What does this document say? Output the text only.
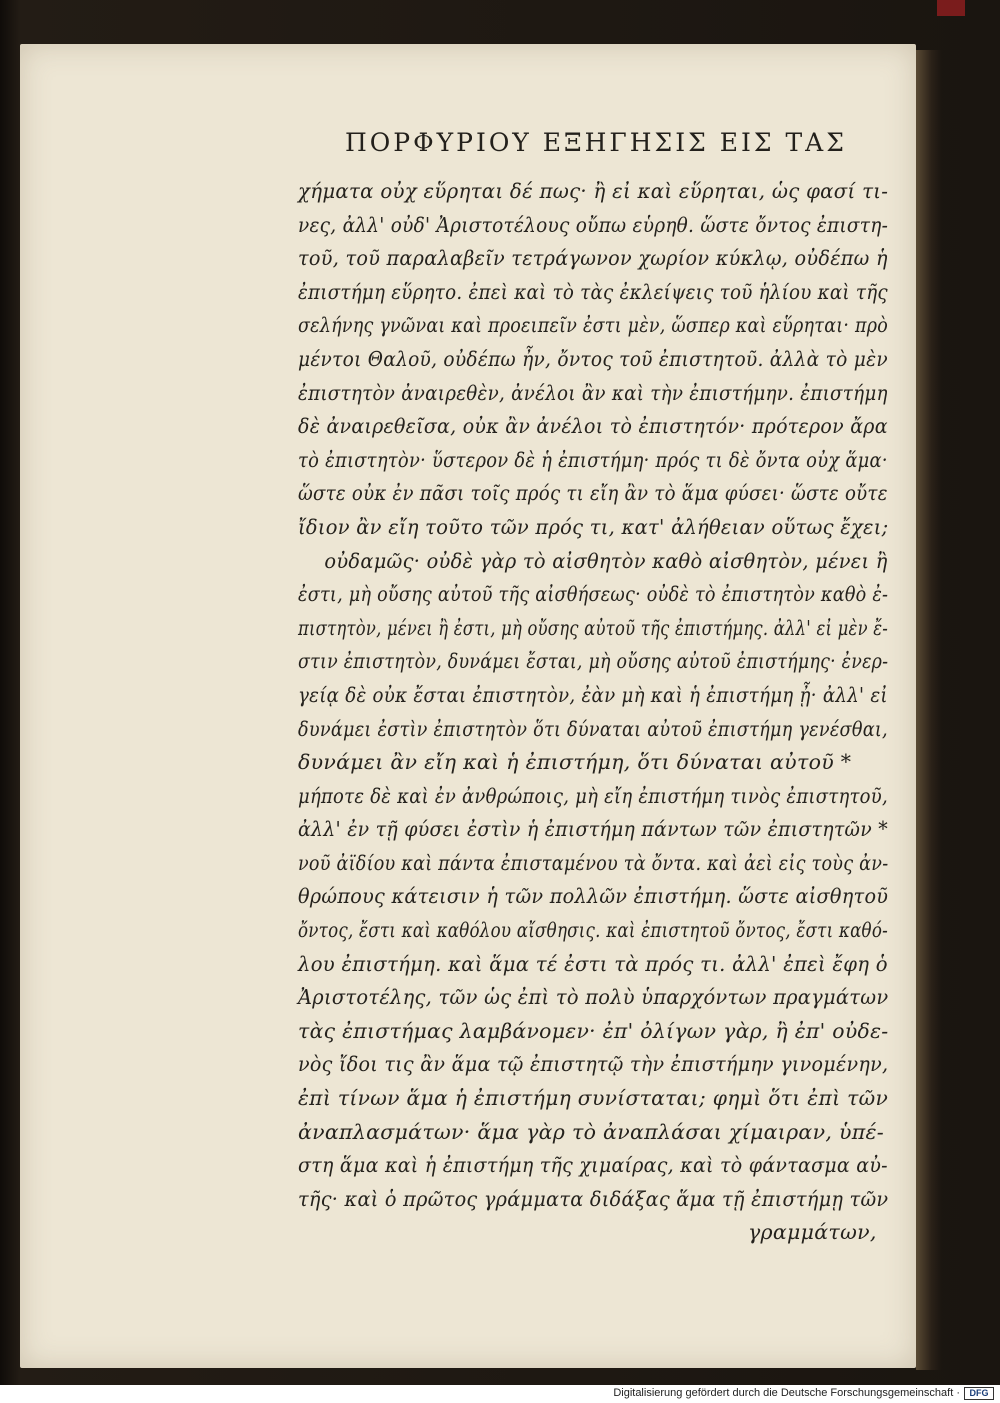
ΠΟΡΦΥΡΙΟΥ ΕΞΗΓΗΣΙΣ ΕΙΣ ΤΑΣ
χήματα οὐχ εὕρηται δέ πως· ἢ εἰ καὶ εὕρηται, ὡς φασί τι-
νες, ἀλλ' οὐδ' Ἀριστοτέλους οὔπω εὑρηθ. ὥστε ὄντος ἐπιστη-
τοῦ, τοῦ παραλαβεῖν τετράγωνον χωρίον κύκλῳ, οὐδέπω ἡ
ἐπιστήμη εὕρητο. ἐπεὶ καὶ τὸ τὰς ἐκλείψεις τοῦ ἡλίου καὶ τῆς
σελήνης γνῶναι καὶ προειπεῖν ἐστι μὲν, ὥσπερ καὶ εὕρηται· πρὸ
μέντοι Θαλοῦ, οὐδέπω ἦν, ὄντος τοῦ ἐπιστητοῦ. ἀλλὰ τὸ μὲν
ἐπιστητὸν ἀναιρεθὲν, ἀνέλοι ἂν καὶ τὴν ἐπιστήμην. ἐπιστήμη
δὲ ἀναιρεθεῖσα, οὐκ ἂν ἀνέλοι τὸ ἐπιστητόν· πρότερον ἄρα
τὸ ἐπιστητὸν· ὕστερον δὲ ἡ ἐπιστήμη· πρός τι δὲ ὄντα οὐχ ἅμα·
ὥστε οὐκ ἐν πᾶσι τοῖς πρός τι εἴη ἂν τὸ ἅμα φύσει· ὥστε οὔτε
ἴδιον ἂν εἴη τοῦτο τῶν πρός τι, κατ' ἀλήθειαν οὕτως ἔχει;
οὐδαμῶς· οὐδὲ γὰρ τὸ αἰσθητὸν καθὸ αἰσθητὸν, μένει ἢ
ἐστι, μὴ οὔσης αὐτοῦ τῆς αἰσθήσεως· οὐδὲ τὸ ἐπιστητὸν καθὸ ἐ-
πιστητὸν, μένει ἢ ἐστι, μὴ οὔσης αὐτοῦ τῆς ἐπιστήμης. ἀλλ' εἰ μὲν ἔ-
στιν ἐπιστητὸν, δυνάμει ἔσται, μὴ οὔσης αὐτοῦ ἐπιστήμης· ἐνερ-
γείᾳ δὲ οὐκ ἔσται ἐπιστητὸν, ἐὰν μὴ καὶ ἡ ἐπιστήμη ᾖ· ἀλλ' εἰ
δυνάμει ἐστὶν ἐπιστητὸν ὅτι δύναται αὐτοῦ ἐπιστήμη γενέσθαι,
δυνάμει ἂν εἴη καὶ ἡ ἐπιστήμη, ὅτι δύναται αὐτοῦ *
μήποτε δὲ καὶ ἐν ἀνθρώποις, μὴ εἴη ἐπιστήμη τινὸς ἐπιστητοῦ,
ἀλλ' ἐν τῇ φύσει ἐστὶν ἡ ἐπιστήμη πάντων τῶν ἐπιστητῶν *
νοῦ ἀϊδίου καὶ πάντα ἐπισταμένου τὰ ὄντα. καὶ ἀεὶ εἰς τοὺς ἀν-
θρώπους κάτεισιν ἡ τῶν πολλῶν ἐπιστήμη. ὥστε αἰσθητοῦ
ὄντος, ἔστι καὶ καθόλου αἴσθησις. καὶ ἐπιστητοῦ ὄντος, ἔστι καθό-
λου ἐπιστήμη. καὶ ἅμα τέ ἐστι τὰ πρός τι. ἀλλ' ἐπεὶ ἔφη ὁ
Ἀριστοτέλης, τῶν ὡς ἐπὶ τὸ πολὺ ὑπαρχόντων πραγμάτων
τὰς ἐπιστήμας λαμβάνομεν· ἐπ' ὀλίγων γὰρ, ἢ ἐπ' οὐδε-
νὸς ἴδοι τις ἂν ἅμα τῷ ἐπιστητῷ τὴν ἐπιστήμην γινομένην,
ἐπὶ τίνων ἅμα ἡ ἐπιστήμη συνίσταται; φημὶ ὅτι ἐπὶ τῶν
ἀναπλασμάτων· ἅμα γὰρ τὸ ἀναπλάσαι χίμαιραν, ὑπέ-
στη ἅμα καὶ ἡ ἐπιστήμη τῆς χιμαίρας, καὶ τὸ φάντασμα αὐ-
τῆς· καὶ ὁ πρῶτος γράμματα διδάξας ἅμα τῇ ἐπιστήμῃ τῶν
γραμμάτων,
Digitalisierung gefördert durch die Deutsche Forschungsgemeinschaft ·	DFG
